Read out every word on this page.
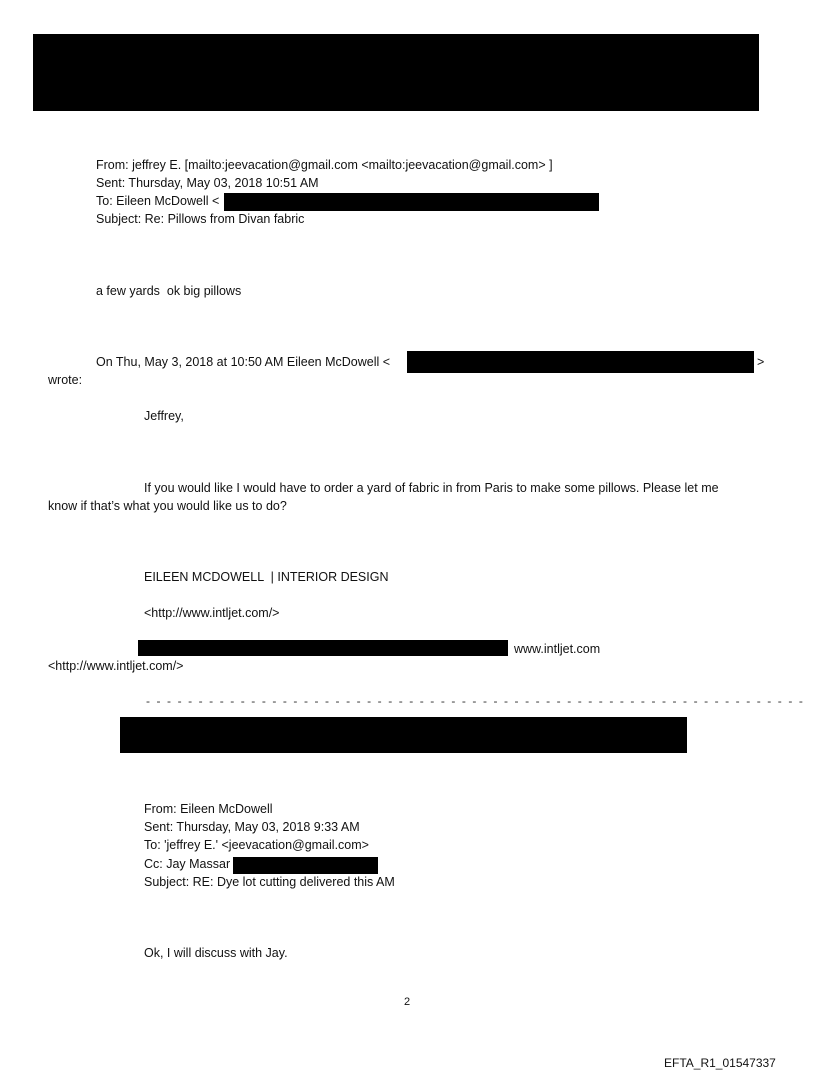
From: jeffrey E. [mailto:jeevacation@gmail.com <mailto:jeevacation@gmail.com> ]
Sent: Thursday, May 03, 2018 10:51 AM
To: Eileen McDowell <
Subject: Re: Pillows from Divan fabric
a few yards  ok big pillows
On Thu, May 3, 2018 at 10:50 AM Eileen McDowell <	>
wrote:
Jeffrey,
If you would like I would have to order a yard of fabric in from Paris to make some pillows. Please let me
know if that’s what you would like us to do?
EILEEN MCDOWELL  | INTERIOR DESIGN
<http://www.intljet.com/>
www.intljet.com
<http://www.intljet.com/>
- - - - - - - - - - - - - - - - - - - - - - - - - - - - - - - - - - - - - - - - - - - - - - - - - - - - - - - - - - - - - - -
From: Eileen McDowell
Sent: Thursday, May 03, 2018 9:33 AM
To: 'jeffrey E.' <jeevacation@gmail.com>
Cc: Jay Massar
Subject: RE: Dye lot cutting delivered this AM
Ok, I will discuss with Jay.
2
EFTA_R1_01547337
